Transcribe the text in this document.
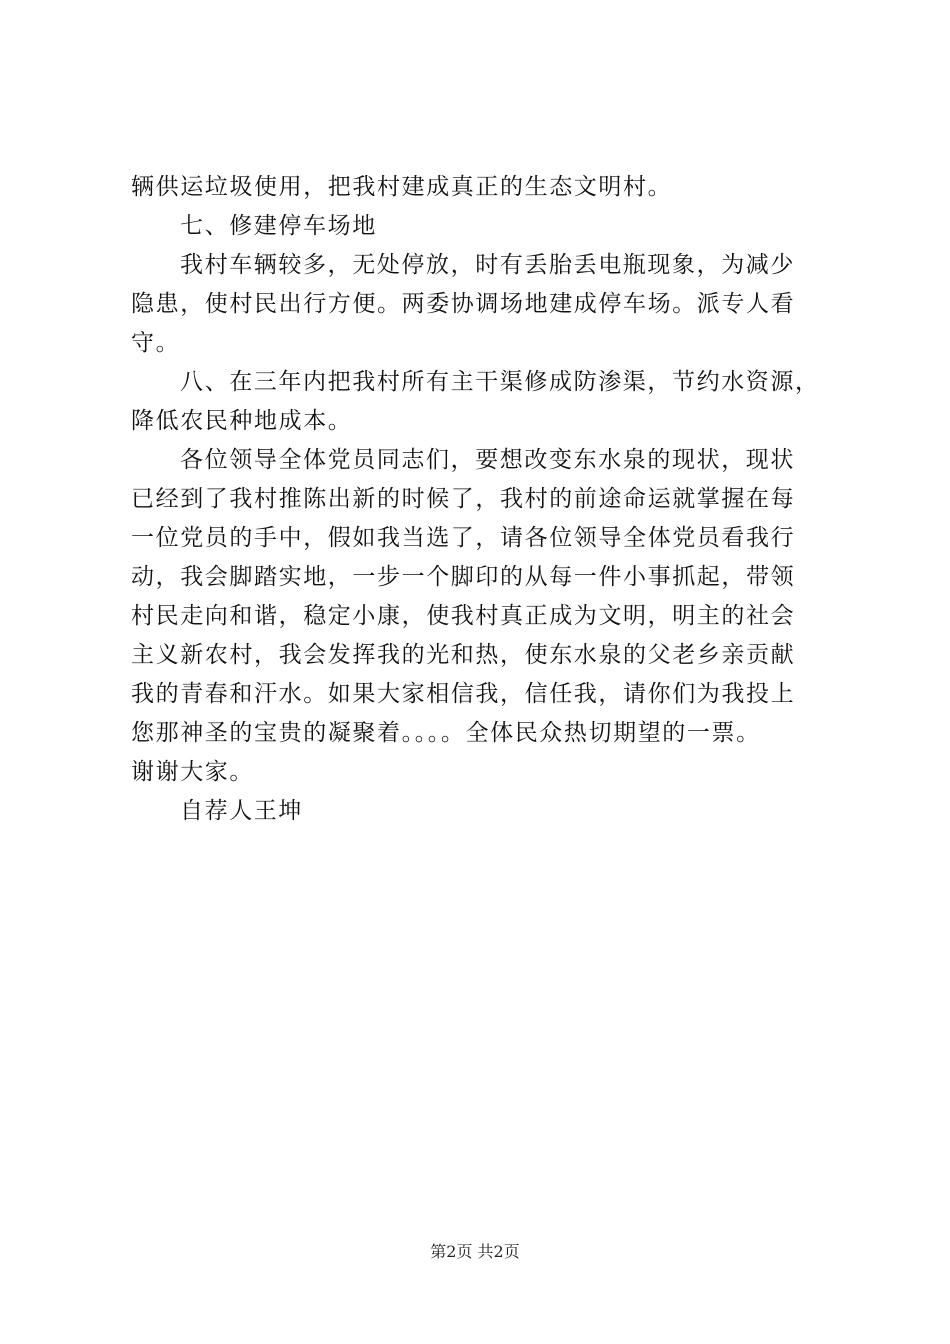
辆供运垃圾使用，把我村建成真正的生态文明村。
七、修建停车场地
我村车辆较多，无处停放，时有丢胎丢电瓶现象，为减少
隐患，使村民出行方便。两委协调场地建成停车场。派专人看
守。
八、在三年内把我村所有主干渠修成防渗渠，节约水资源，
降低农民种地成本。
各位领导全体党员同志们，要想改变东水泉的现状，现状
已经到了我村推陈出新的时候了，我村的前途命运就掌握在每
一位党员的手中，假如我当选了，请各位领导全体党员看我行
动，我会脚踏实地，一步一个脚印的从每一件小事抓起，带领
村民走向和谐，稳定小康，使我村真正成为文明，明主的社会
主义新农村，我会发挥我的光和热，使东水泉的父老乡亲贡献
我的青春和汗水。如果大家相信我，信任我，请你们为我投上
您那神圣的宝贵的凝聚着。。。。全体民众热切期望的一票。
谢谢大家。
自荐人王坤
第2页 共2页
